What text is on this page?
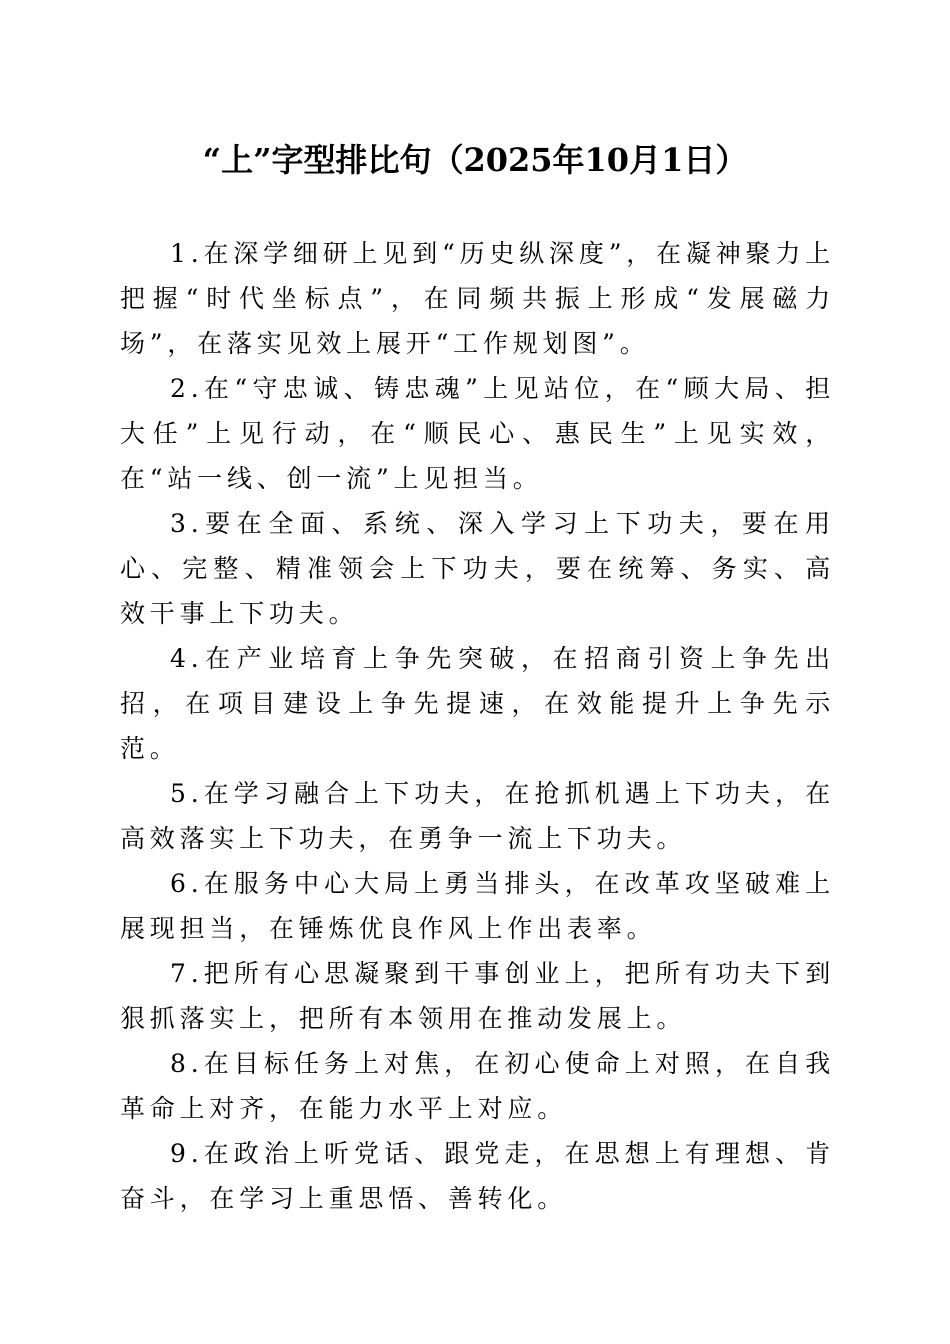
“上”字型排比句（2025年10月1日）

1.在深学细研上见到“历史纵深度”，在凝神聚力上把握“时代坐标点”，在同频共振上形成“发展磁力场”，在落实见效上展开“工作规划图”。

2.在“守忠诚、铸忠魂”上见站位，在“顾大局、担大任”上见行动，在“顺民心、惠民生”上见实效，在“站一线、创一流”上见担当。

3.要在全面、系统、深入学习上下功夫，要在用心、完整、精准领会上下功夫，要在统筹、务实、高效干事上下功夫。

4.在产业培育上争先突破，在招商引资上争先出招，在项目建设上争先提速，在效能提升上争先示范。

5.在学习融合上下功夫，在抢抓机遇上下功夫，在高效落实上下功夫，在勇争一流上下功夫。

6.在服务中心大局上勇当排头，在改革攻坚破难上展现担当，在锤炼优良作风上作出表率。

7.把所有心思凝聚到干事创业上，把所有功夫下到狠抓落实上，把所有本领用在推动发展上。

8.在目标任务上对焦，在初心使命上对照，在自我革命上对齐，在能力水平上对应。

9.在政治上听党话、跟党走，在思想上有理想、肯奋斗，在学习上重思悟、善转化。
